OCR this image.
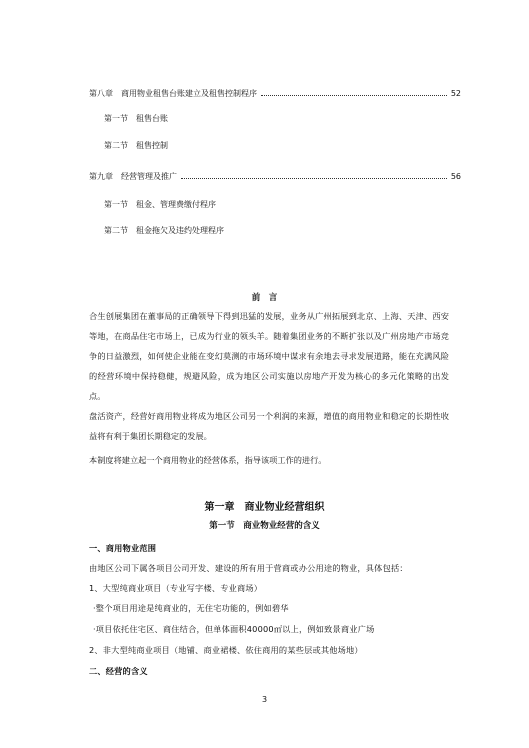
第八章　商用物业租售台账建立及租售控制程序	52
第一节　租售台账
第二节　租售控制
第九章　经营管理及推广	56
第一节　租金、管理费缴付程序
第二节　租金拖欠及违约处理程序
前　言
合生创展集团在董事局的正确领导下得到迅猛的发展，业务从广州拓展到北京、上海、天津、西安等地，在商品住宅市场上，已成为行业的领头羊。随着集团业务的不断扩张以及广州房地产市场竞争的日益激烈，如何使企业能在变幻莫测的市场环境中谋求有余地去寻求发展道路，能在充满风险的经营环境中保持稳健，规避风险，成为地区公司实施以房地产开发为核心的多元化策略的出发点。
盘活资产，经营好商用物业将成为地区公司另一个利润的来源，增值的商用物业和稳定的长期性收益将有利于集团长期稳定的发展。
本制度将建立起一个商用物业的经营体系，指导该项工作的进行。
第一章　商业物业经营组织
第一节　商业物业经营的含义
一、商用物业范围
由地区公司下属各项目公司开发、建设的所有用于营商或办公用途的物业，具体包括：
1、大型纯商业项目（专业写字楼、专业商场）
·整个项目用途是纯商业的，无住宅功能的，例如碧华
·项目依托住宅区、商住结合，但单体面积40000㎡以上，例如致景商业广场
2、非大型纯商业项目（地铺、商业裙楼、依住商用的某些层或其他场地）
二、经营的含义
3
